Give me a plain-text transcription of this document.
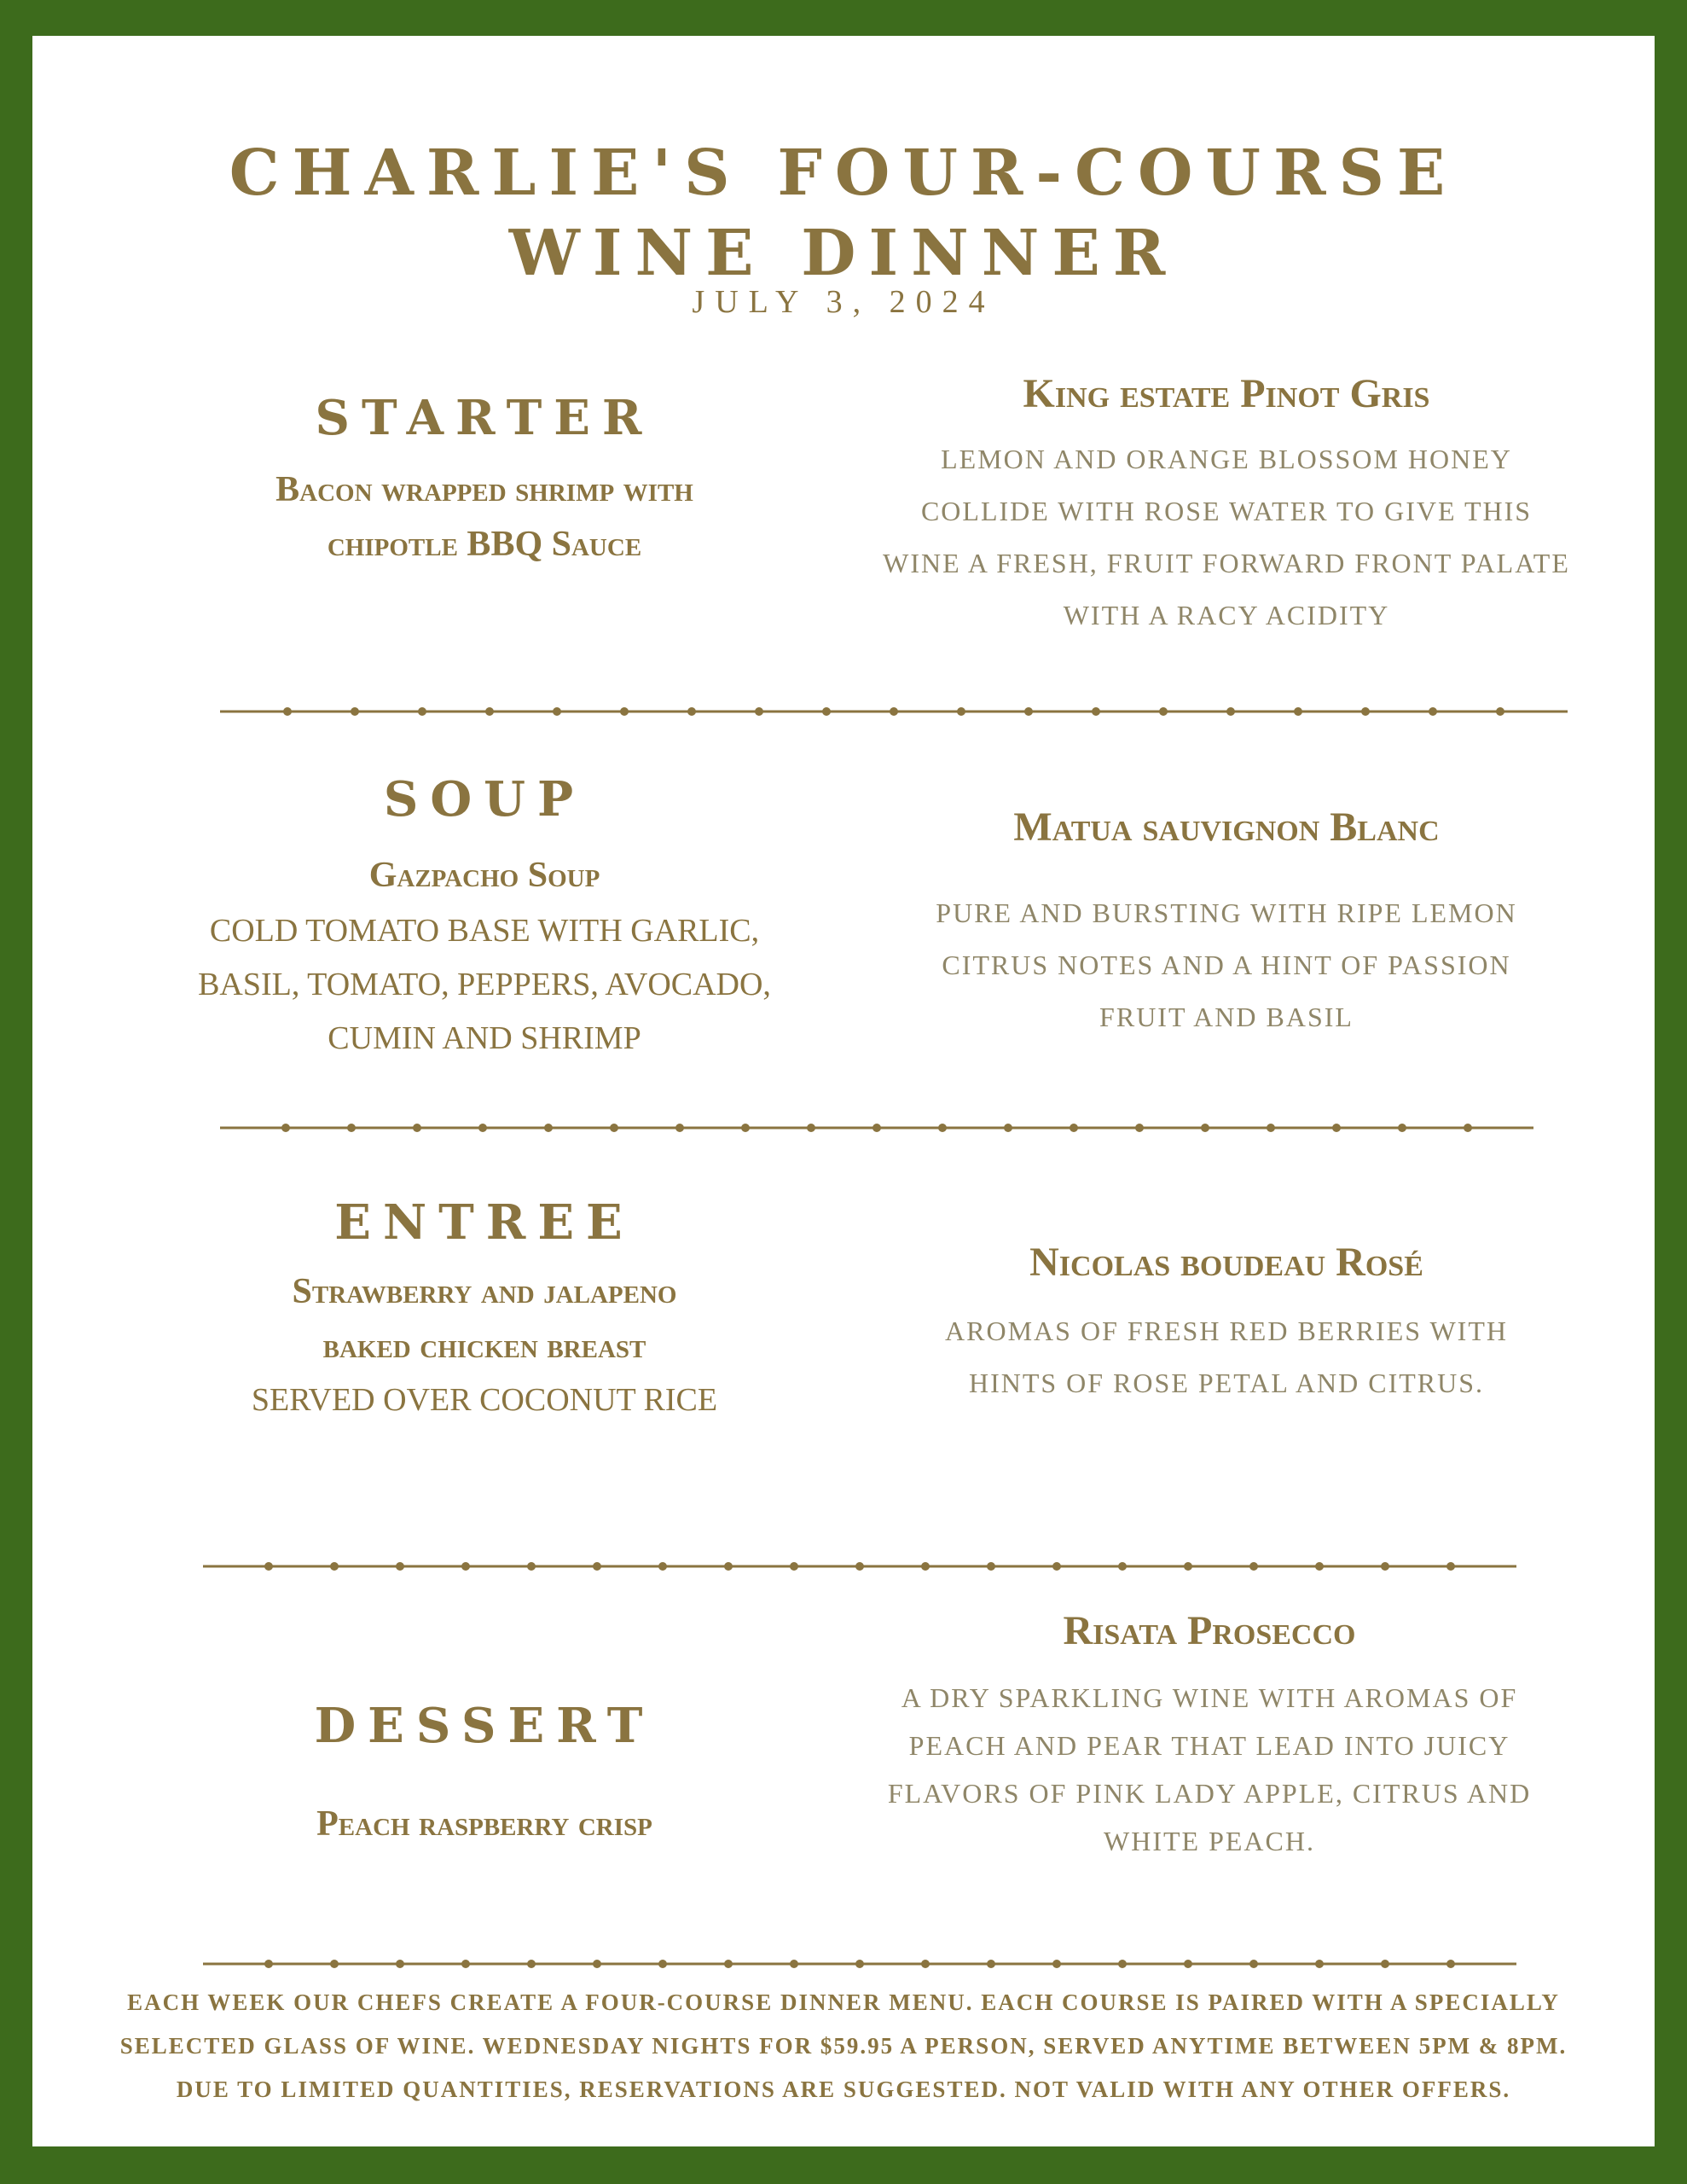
CHARLIE'S FOUR-COURSE
WINE DINNER
JULY 3, 2024
STARTER
Bacon wrapped shrimp with
chipotle BBQ Sauce
King estate Pinot Gris
LEMON AND ORANGE BLOSSOM HONEY
COLLIDE WITH ROSE WATER TO GIVE THIS
WINE A FRESH, FRUIT FORWARD FRONT PALATE
WITH A RACY ACIDITY
SOUP
Gazpacho Soup
COLD TOMATO BASE WITH GARLIC,
BASIL, TOMATO, PEPPERS, AVOCADO,
CUMIN AND SHRIMP
Matua sauvignon Blanc
PURE AND BURSTING WITH RIPE LEMON
CITRUS NOTES AND A HINT OF PASSION
FRUIT AND BASIL
ENTREE
Strawberry and jalapeno
baked chicken breast
SERVED OVER COCONUT RICE
Nicolas boudeau Rosé
AROMAS OF FRESH RED BERRIES WITH
HINTS OF ROSE PETAL AND CITRUS.
DESSERT
Peach raspberry crisp
Risata Prosecco
A DRY SPARKLING WINE WITH AROMAS OF
PEACH AND PEAR THAT LEAD INTO JUICY
FLAVORS OF PINK LADY APPLE, CITRUS AND
WHITE PEACH.
EACH WEEK OUR CHEFS CREATE A FOUR-COURSE DINNER MENU. EACH COURSE IS PAIRED WITH A SPECIALLY
SELECTED GLASS OF WINE. WEDNESDAY NIGHTS FOR $59.95 A PERSON, SERVED ANYTIME BETWEEN 5PM & 8PM.
DUE TO LIMITED QUANTITIES, RESERVATIONS ARE SUGGESTED. NOT VALID WITH ANY OTHER OFFERS.
